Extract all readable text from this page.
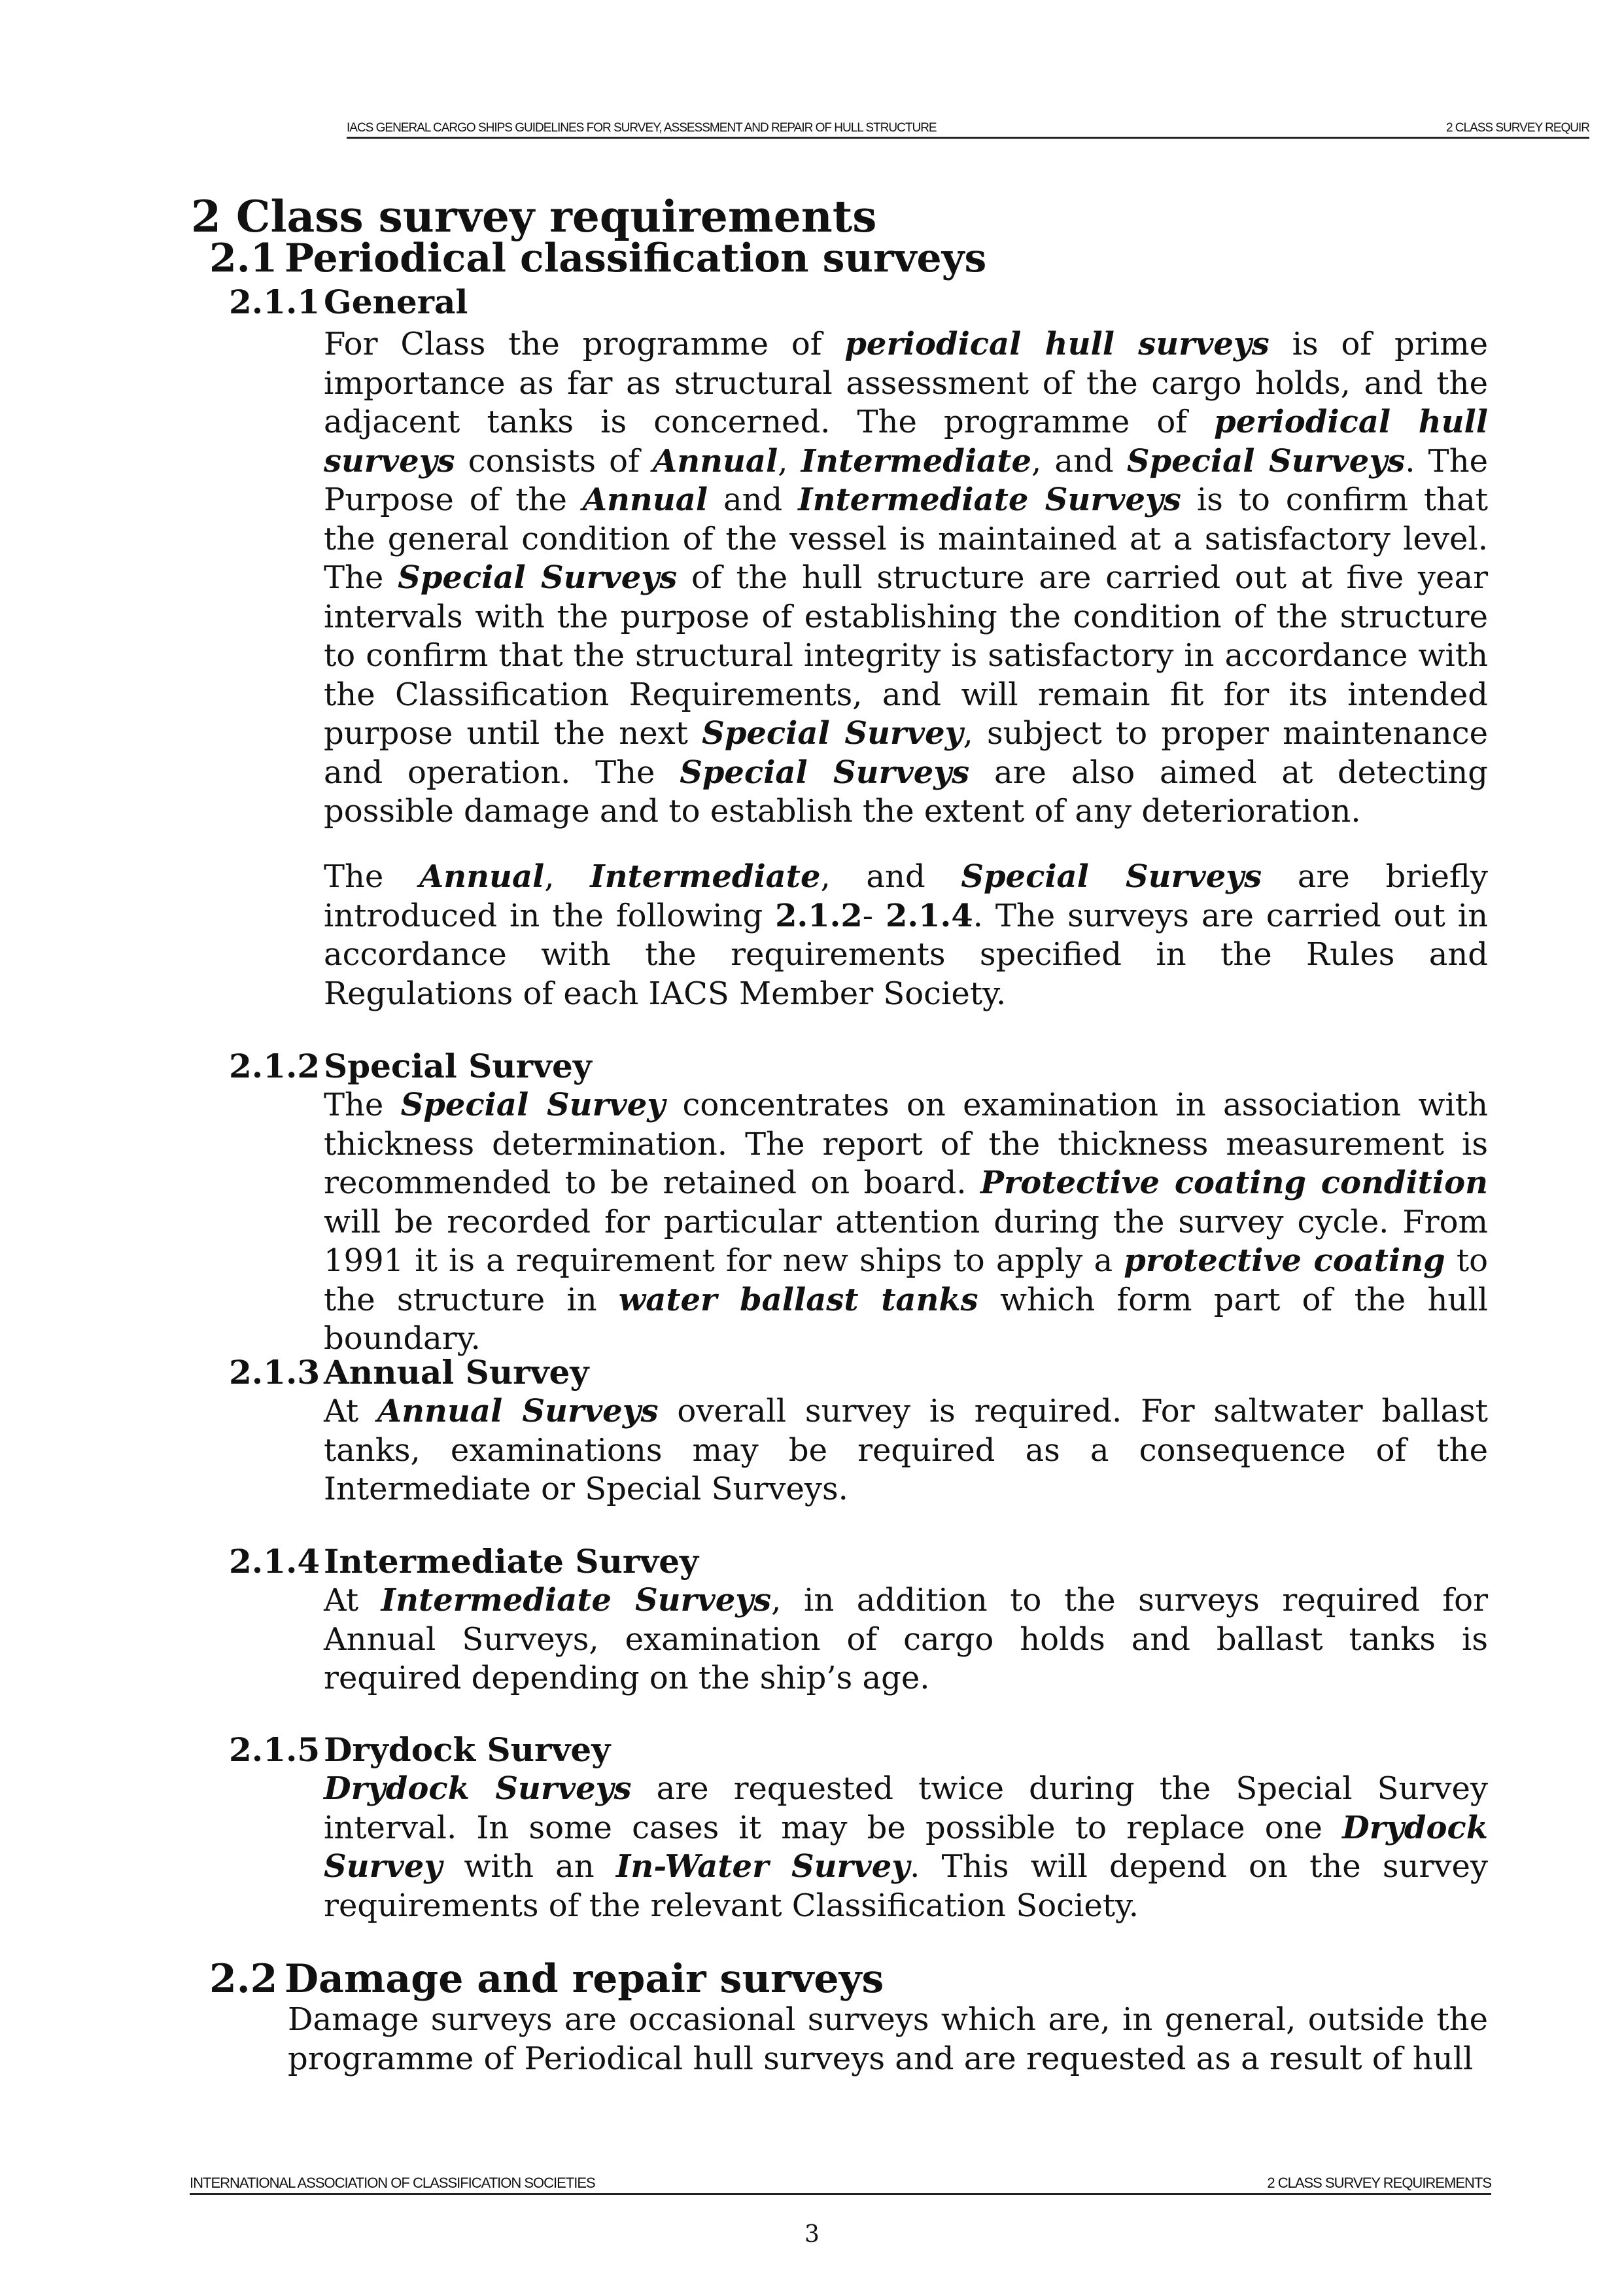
IACS GENERAL CARGO SHIPS GUIDELINES FOR SURVEY, ASSESSMENT AND REPAIR OF HULL STRUCTURE	2 CLASS SURVEY REQUIR
2 Class survey requirements
2.1 Periodical classification surveys
2.1.1 General

For Class the programme of periodical hull surveys is of prime importance as far as structural assessment of the cargo holds, and the adjacent tanks is concerned. The programme of periodical hull surveys consists of Annual, Intermediate, and Special Surveys. The Purpose of the Annual and Intermediate Surveys is to confirm that the general condition of the vessel is maintained at a satisfactory level. The Special Surveys of the hull structure are carried out at five year intervals with the purpose of establishing the condition of the structure to confirm that the structural integrity is satisfactory in accordance with the Classification Requirements, and will remain fit for its intended purpose until the next Special Survey, subject to proper maintenance and operation. The Special Surveys are also aimed at detecting possible damage and to establish the extent of any deterioration.

The Annual, Intermediate, and Special Surveys are briefly introduced in the following 2.1.2- 2.1.4. The surveys are carried out in accordance with the requirements specified in the Rules and Regulations of each IACS Member Society.

2.1.2 Special Survey

The Special Survey concentrates on examination in association with thickness determination. The report of the thickness measurement is recommended to be retained on board. Protective coating condition will be recorded for particular attention during the survey cycle. From 1991 it is a requirement for new ships to apply a protective coating to the structure in water ballast tanks which form part of the hull boundary.

2.1.3 Annual Survey

At Annual Surveys overall survey is required. For saltwater ballast tanks, examinations may be required as a consequence of the Intermediate or Special Surveys.

2.1.4 Intermediate Survey

At Intermediate Surveys, in addition to the surveys required for Annual Surveys, examination of cargo holds and ballast tanks is required depending on the ship’s age.

2.1.5 Drydock Survey

Drydock Surveys are requested twice during the Special Survey interval. In some cases it may be possible to replace one Drydock Survey with an In-Water Survey. This will depend on the survey requirements of the relevant Classification Society.

2.2 Damage and repair surveys

Damage surveys are occasional surveys which are, in general, outside the programme of Periodical hull surveys and are requested as a result of hull

INTERNATIONAL ASSOCIATION OF CLASSIFICATION SOCIETIES	2 CLASS SURVEY REQUIREMENTS
3
